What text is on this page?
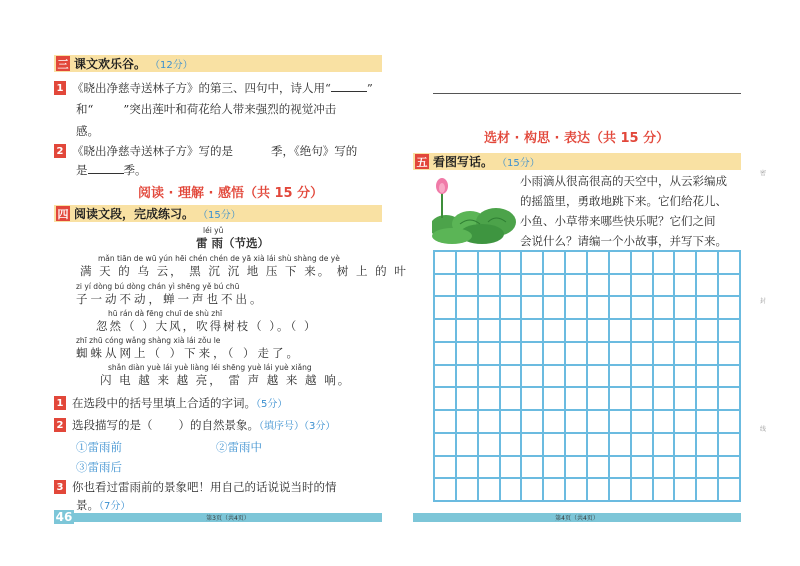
三 课文欢乐谷。 （12分）
1 《晓出净慈寺送林子方》的第三、四句中，诗人用“	”
和“	”突出莲叶和荷花给人带来强烈的视觉冲击
感。
2 《晓出净慈寺送林子方》写的是	季，《绝句》写的
是	季。
阅读 · 理解 · 感悟（共 15 分）
四 阅读文段，完成练习。 （15分）
léi yǔ
雷 雨（节选）
mǎn tiān de wū yún hēi chén chén de yā xià lái shù shàng de yè
满 天 的 乌 云， 黑 沉 沉 地 压 下 来。 树 上 的 叶
zi yí dòng bú dòng chán yì shēng yě bú chū
子一动不动，蝉一声也不出。
hū rán dà fēng chuī de shù zhī
忽然（ ）大风，吹得树枝（ ）。（ ）
zhī zhū cóng wǎng shàng xià lái zǒu le
蜘蛛从网上（ ）下来，（ ）走了。
shǎn diàn yuè lái yuè liàng léi shēng yuè lái yuè xiǎng
闪 电 越 来 越 亮， 雷 声 越 来 越 响。
1 在选段中的括号里填上合适的字词。（5分）
2 选段描写的是（ ）的自然景象。（填序号）（3分）
①雷雨前	②雷雨中
③雷雨后
3 你也看过雷雨前的景象吧！用自己的话说说当时的情
景。（7分）
46	第3页（共4页）
选材 · 构思 · 表达（共 15 分）
五 看图写话。 （15分）
小雨滴从很高很高的天空中，从云彩编成
的摇篮里，勇敢地跳下来。它们给花儿、
小鱼、小草带来哪些快乐呢？它们之间
会说什么？请编一个小故事，并写下来。
第4页（共4页）
密
封
线
